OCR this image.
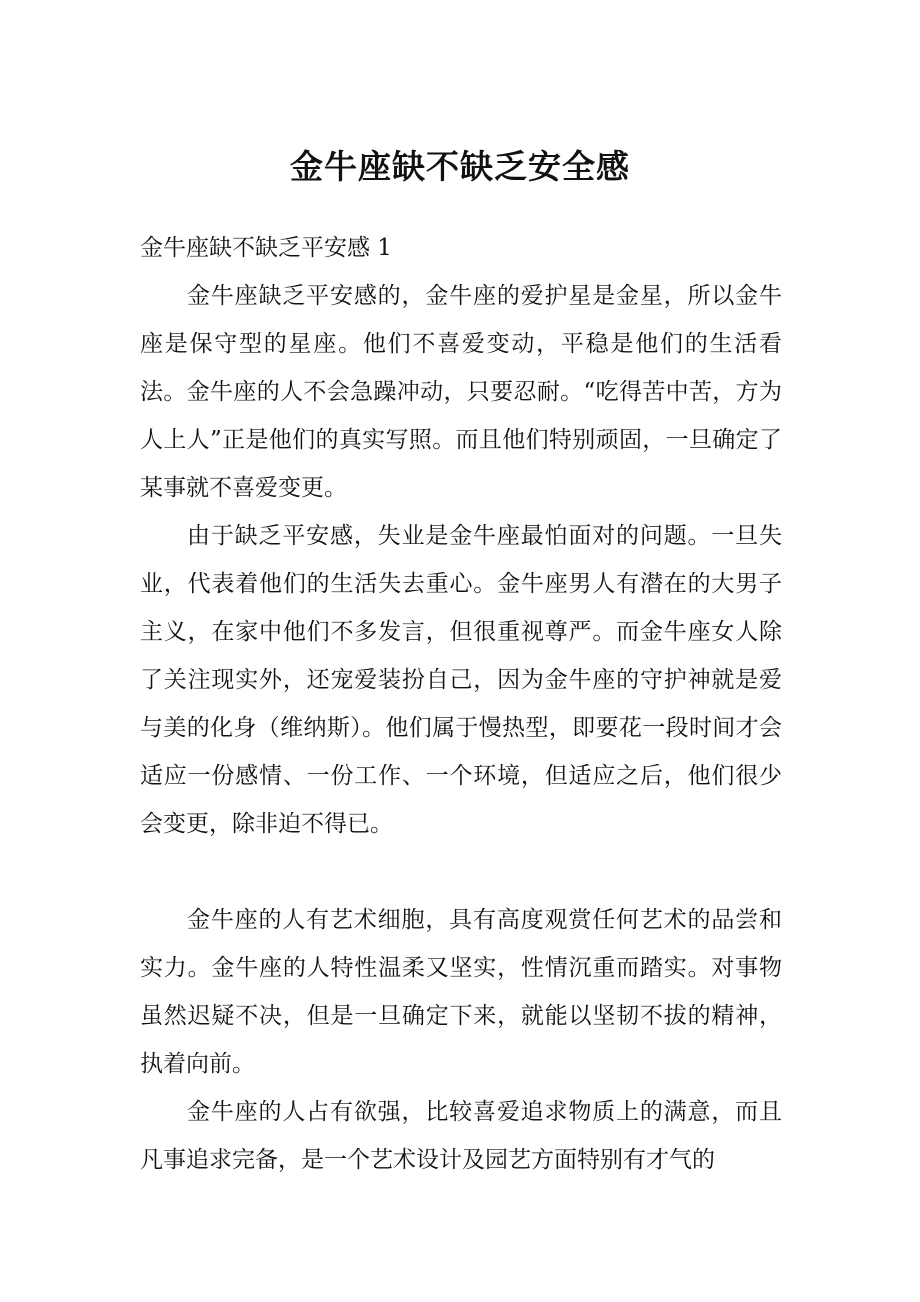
金牛座缺不缺乏安全感
金牛座缺不缺乏平安感 1

金牛座缺乏平安感的，金牛座的爱护星是金星，所以金牛座是保守型的星座。他们不喜爱变动，平稳是他们的生活看法。金牛座的人不会急躁冲动，只要忍耐。“吃得苦中苦，方为人上人”正是他们的真实写照。而且他们特别顽固，一旦确定了某事就不喜爱变更。

由于缺乏平安感，失业是金牛座最怕面对的问题。一旦失业，代表着他们的生活失去重心。金牛座男人有潜在的大男子主义，在家中他们不多发言，但很重视尊严。而金牛座女人除了关注现实外，还宠爱装扮自己，因为金牛座的守护神就是爱与美的化身（维纳斯）。他们属于慢热型，即要花一段时间才会适应一份感情、一份工作、一个环境，但适应之后，他们很少会变更，除非迫不得已。

金牛座的人有艺术细胞，具有高度观赏任何艺术的品尝和实力。金牛座的人特性温柔又坚实，性情沉重而踏实。对事物虽然迟疑不决，但是一旦确定下来，就能以坚韧不拔的精神，执着向前。

金牛座的人占有欲强，比较喜爱追求物质上的满意，而且凡事追求完备，是一个艺术设计及园艺方面特别有才气的
